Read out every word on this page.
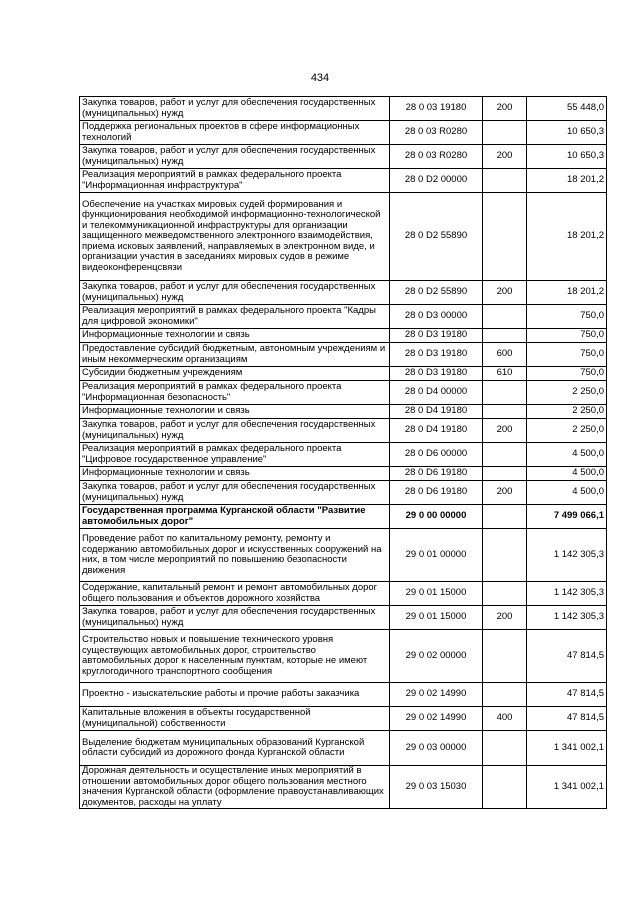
434
Закупка товаров, работ и услуг для обеспечения государственных (муниципальных) нужд	28 0 03 19180	200	55 448,0
Поддержка региональных проектов в сфере информационных технологий	28 0 03 R0280		10 650,3
Закупка товаров, работ и услуг для обеспечения государственных (муниципальных) нужд	28 0 03 R0280	200	10 650,3
Реализация мероприятий в рамках федерального проекта "Информационная инфраструктура"	28 0 D2 00000		18 201,2
Обеспечение на участках мировых судей формирования и функционирования необходимой информационно-технологической и телекоммуникационной инфраструктуры для организации защищенного межведомственного электронного взаимодействия, приема исковых заявлений, направляемых в электронном виде, и организации участия в заседаниях мировых судов в режиме видеоконференцсвязи	28 0 D2 55890		18 201,2
Закупка товаров, работ и услуг для обеспечения государственных (муниципальных) нужд	28 0 D2 55890	200	18 201,2
Реализация мероприятий в рамках федерального проекта "Кадры для цифровой экономики"	28 0 D3 00000		750,0
Информационные технологии и связь	28 0 D3 19180		750,0
Предоставление субсидий бюджетным, автономным учреждениям и иным некоммерческим организациям	28 0 D3 19180	600	750,0
Субсидии бюджетным учреждениям	28 0 D3 19180	610	750,0
Реализация мероприятий в рамках федерального проекта "Информационная безопасность"	28 0 D4 00000		2 250,0
Информационные технологии и связь	28 0 D4 19180		2 250,0
Закупка товаров, работ и услуг для обеспечения государственных (муниципальных) нужд	28 0 D4 19180	200	2 250,0
Реализация мероприятий в рамках федерального проекта "Цифровое государственное управление"	28 0 D6 00000		4 500,0
Информационные технологии и связь	28 0 D6 19180		4 500,0
Закупка товаров, работ и услуг для обеспечения государственных (муниципальных) нужд	28 0 D6 19180	200	4 500,0
Государственная программа Курганской области "Развитие автомобильных дорог"	29 0 00 00000		7 499 066,1
Проведение работ по капитальному ремонту, ремонту и содержанию автомобильных дорог и искусственных сооружений на них, в том числе мероприятий по повышению безопасности движения	29 0 01 00000		1 142 305,3
Содержание, капитальный ремонт и ремонт автомобильных дорог общего пользования и объектов дорожного хозяйства	29 0 01 15000		1 142 305,3
Закупка товаров, работ и услуг для обеспечения государственных (муниципальных) нужд	29 0 01 15000	200	1 142 305,3
Строительство новых и повышение технического уровня существующих автомобильных дорог, строительство автомобильных дорог к населенным пунктам, которые не имеют круглогодичного транспортного сообщения	29 0 02 00000		47 814,5
Проектно - изыскательские работы и прочие работы заказчика	29 0 02 14990		47 814,5
Капитальные вложения в объекты государственной (муниципальной) собственности	29 0 02 14990	400	47 814,5
Выделение бюджетам муниципальных образований Курганской области субсидий из дорожного фонда Курганской области	29 0 03 00000		1 341 002,1
Дорожная деятельность и осуществление иных мероприятий в отношении автомобильных дорог общего пользования местного значения Курганской области (оформление правоустанавливающих документов, расходы на уплату	29 0 03 15030		1 341 002,1
